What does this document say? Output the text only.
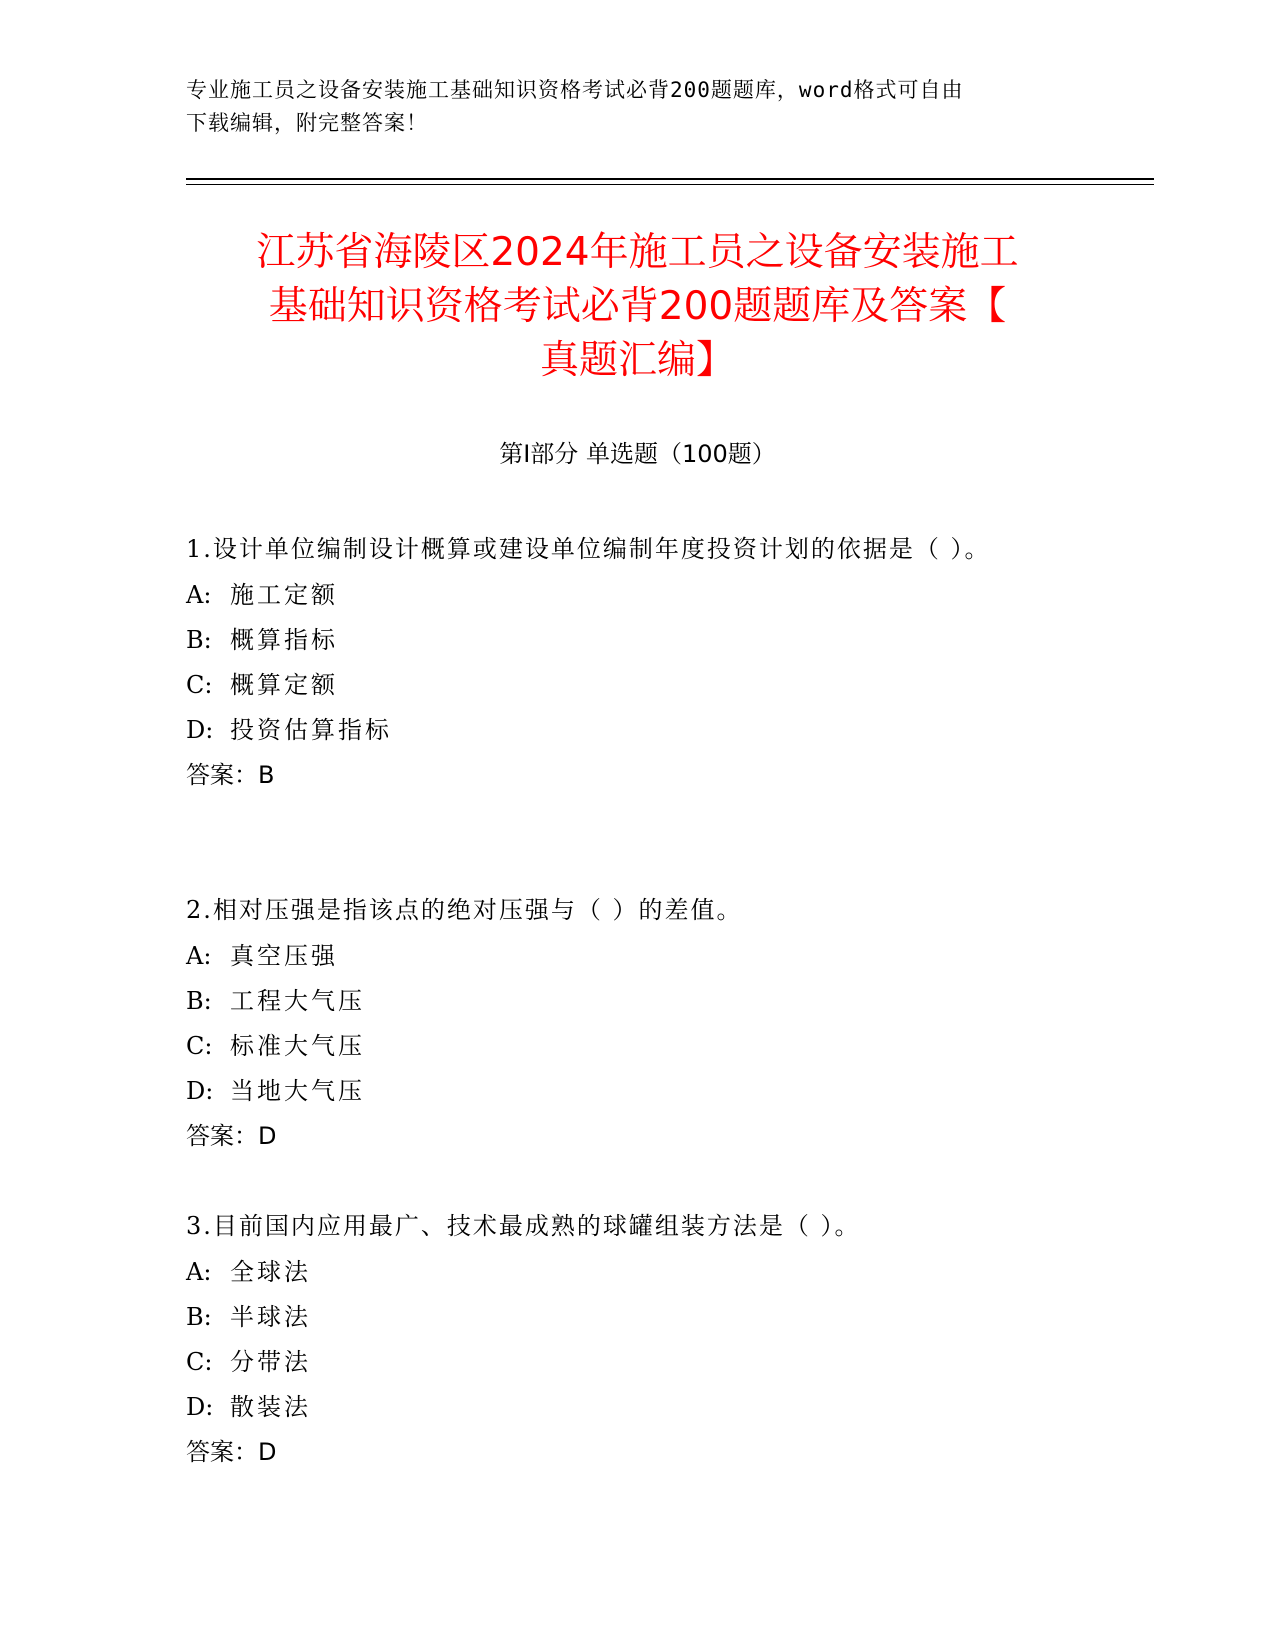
专业施工员之设备安装施工基础知识资格考试必背200题题库，word格式可自由
下载编辑，附完整答案！
江苏省海陵区2024年施工员之设备安装施工
基础知识资格考试必背200题题库及答案【
真题汇编】
第Ⅰ部分 单选题（100题）

1.设计单位编制设计概算或建设单位编制年度投资计划的依据是（ ）。

A: 施工定额
B: 概算指标
C: 概算定额
D: 投资估算指标
答案：B

2.相对压强是指该点的绝对压强与（ ）的差值。

A: 真空压强
B: 工程大气压
C: 标准大气压
D: 当地大气压
答案：D

3.目前国内应用最广、技术最成熟的球罐组装方法是（ ）。

A: 全球法
B: 半球法
C: 分带法
D: 散装法
答案：D
